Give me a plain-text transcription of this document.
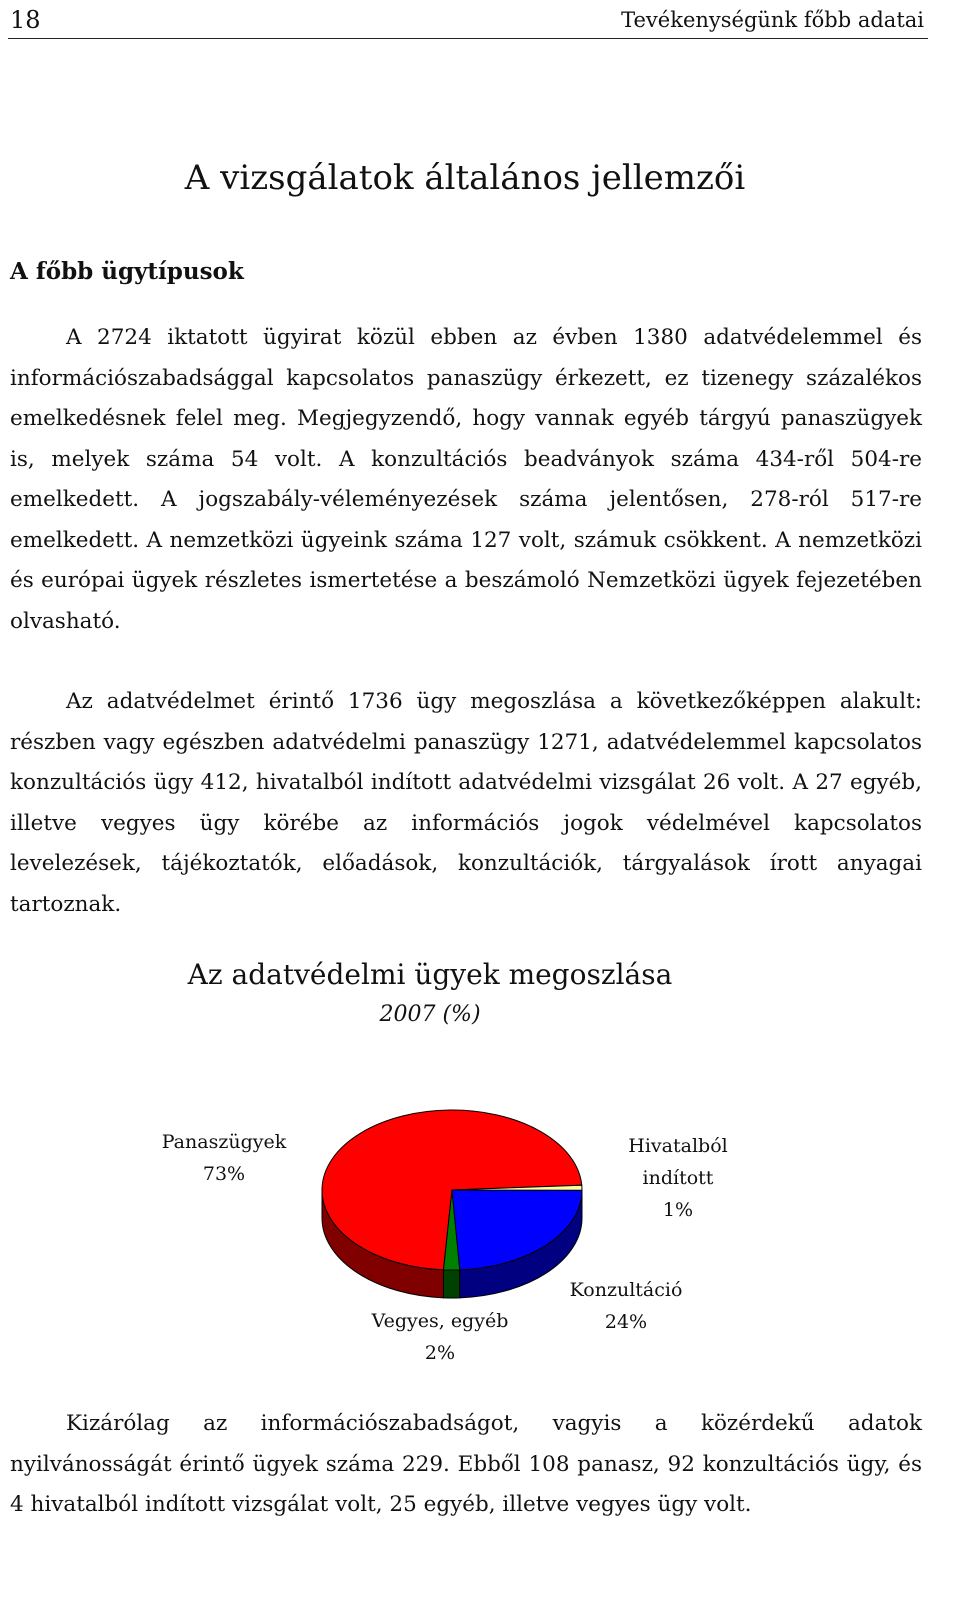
18	Tevékenységünk főbb adatai
A vizsgálatok általános jellemzői
A főbb ügytípusok

A 2724 iktatott ügyirat közül ebben az évben 1380 adatvédelemmel és információszabadsággal kapcsolatos panaszügy érkezett, ez tizenegy százalékos emelkedésnek felel meg. Megjegyzendő, hogy vannak egyéb tárgyú panaszügyek is, melyek száma 54 volt. A konzultációs beadványok száma 434-ről 504-re emelkedett. A jogszabály-véleményezések száma jelentősen, 278-ról 517-re emelkedett. A nemzetközi ügyeink száma 127 volt, számuk csökkent. A nemzetközi és európai ügyek részletes ismertetése a beszámoló Nemzetközi ügyek fejezetében olvasható.

Az adatvédelmet érintő 1736 ügy megoszlása a következőképpen alakult: részben vagy egészben adatvédelmi panaszügy 1271, adatvédelemmel kapcsolatos konzultációs ügy 412, hivatalból indított adatvédelmi vizsgálat 26 volt. A 27 egyéb, illetve vegyes ügy körébe az információs jogok védelmével kapcsolatos levelezések, tájékoztatók, előadások, konzultációk, tárgyalások írott anyagai tartoznak.

Az adatvédelmi ügyek megoszlása
2007 (%)
Panaszügyek
73%
Hivatalból
indított
1%
Konzultáció
24%
Vegyes, egyéb
2%

Kizárólag az információszabadságot, vagyis a közérdekű adatok nyilvánosságát érintő ügyek száma 229. Ebből 108 panasz, 92 konzultációs ügy, és 4 hivatalból indított vizsgálat volt, 25 egyéb, illetve vegyes ügy volt.
